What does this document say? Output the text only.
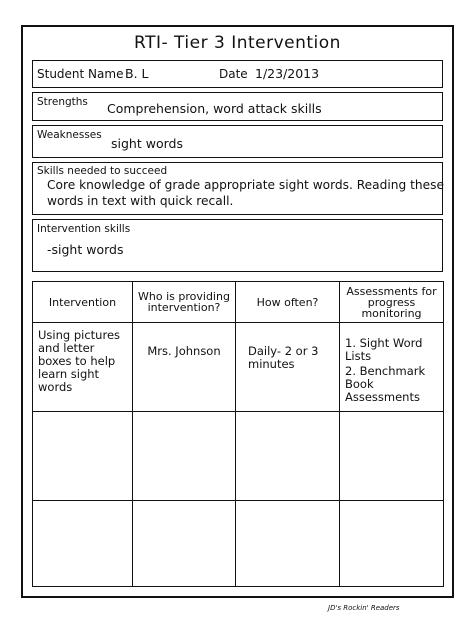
RTI- Tier 3 Intervention
Student Name B. L	Date 1/23/2013
Strengths Comprehension, word attack skills
Weaknesses
sight words
Skills needed to succeed
Core knowledge of grade appropriate sight words. Reading these
words in text with quick recall.
Intervention skills
-sight words
Intervention	Who is providing intervention?	How often?	Assessments for progress monitoring

Using pictures and letter boxes to help learn sight words	Mrs. Johnson	Daily- 2 or 3 minutes	1. Sight Word Lists
2. Benchmark Book Assessments

JD's Rockin' Readers
